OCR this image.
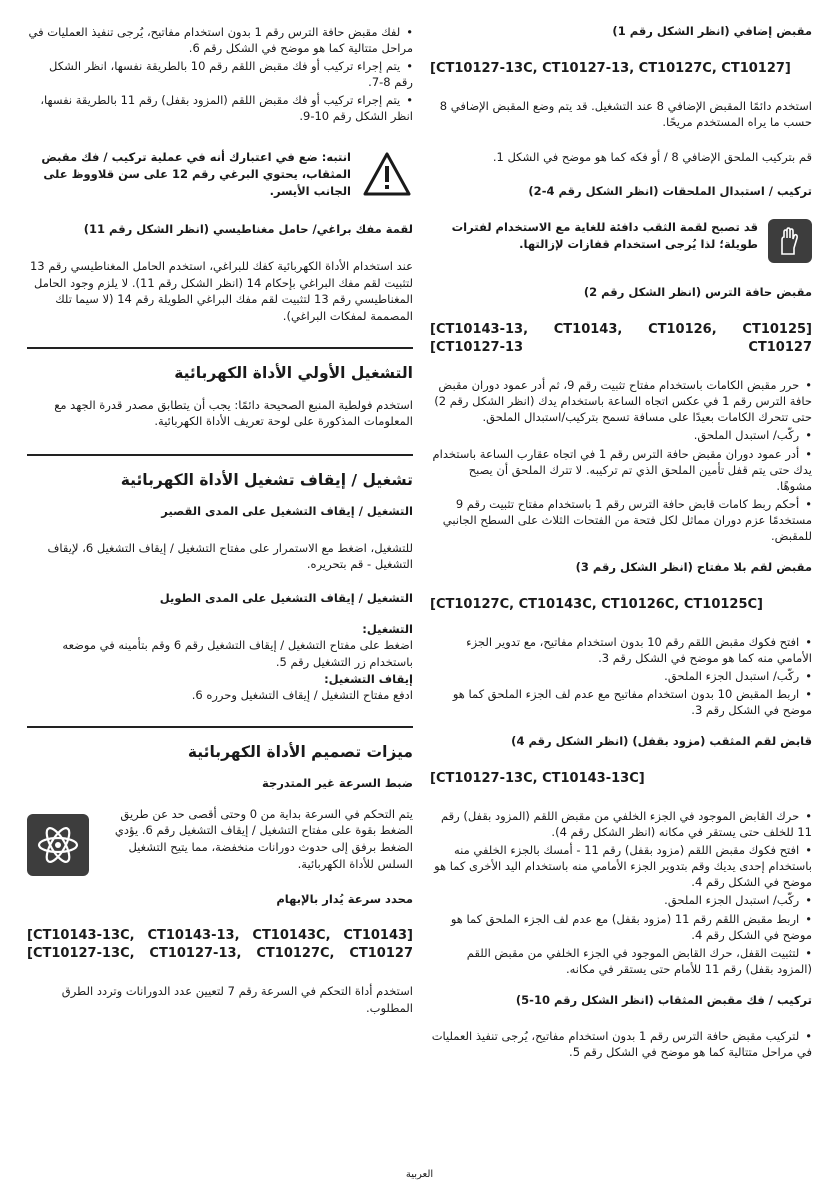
مقبض إضافي (انظر الشكل رقم 1)
[CT10127-13C, CT10127-13, CT10127C, CT10127]

استخدم دائمًا المقبض الإضافي 8 عند التشغيل. قد يتم وضع المقبض الإضافي 8 حسب ما يراه المستخدم مريحًا.

قم بتركيب الملحق الإضافي 8 / أو فكه كما هو موضح في الشكل 1.

تركيب / استبدال الملحقات (انظر الشكل رقم 4-2)
قد تصبح لقمة الثقب دافئة للغاية مع الاستخدام لفترات طويلة؛ لذا يُرجى استخدام قفازات لإزالتها.
مقبض حافة الترس (انظر الشكل رقم 2)
[CT10143-13, CT10143, CT10126, CT10125] [CT10127-13 CT10127
• حرر مقبض الكامات باستخدام مفتاح تثبيت رقم 9، ثم أدر عمود دوران مقبض حافة الترس رقم 1 في عكس اتجاه الساعة باستخدام يدك (انظر الشكل رقم 2) حتى تتحرك الكامات بعيدًا على مسافة تسمح بتركيب/استبدال الملحق.
• ركّب/ استبدل الملحق.
• أدر عمود دوران مقبض حافة الترس رقم 1 في اتجاه عقارب الساعة باستخدام يدك حتى يتم قفل تأمين الملحق الذي تم تركيبه. لا تترك الملحق أن يصبح مشوهًا.
• أحكم ربط كامات قابض حافة الترس رقم 1 باستخدام مفتاح تثبيت رقم 9 مستخدمًا عزم دوران مماثل لكل فتحة من الفتحات الثلاث على السطح الجانبي للمقبض.
مقبض لقم بلا مفتاح (انظر الشكل رقم 3)
[CT10127C, CT10143C, CT10126C, CT10125C]
• افتح فكوك مقبض اللقم رقم 10 بدون استخدام مفاتيح، مع تدوير الجزء الأمامي منه كما هو موضح في الشكل رقم 3.
• ركّب/ استبدل الجزء الملحق.
• اربط المقبض 10 بدون استخدام مفاتيح مع عدم لف الجزء الملحق كما هو موضح في الشكل رقم 3.
قابض لقم المثقب (مزود بقفل) (انظر الشكل رقم 4)
[CT10127-13C, CT10143-13C]
• حرك القابض الموجود في الجزء الخلفي من مقبض اللقم (المزود بقفل) رقم 11 للخلف حتى يستقر في مكانه (انظر الشكل رقم 4).
• افتح فكوك مقبض اللقم (مزود بقفل) رقم 11 - أمسك بالجزء الخلفي منه باستخدام إحدى يديك وقم بتدوير الجزء الأمامي منه باستخدام اليد الأخرى كما هو موضح في الشكل رقم 4.
• ركّب/ استبدل الجزء الملحق.
• اربط مقبض اللقم رقم 11 (مزود بقفل) مع عدم لف الجزء الملحق كما هو موضح في الشكل رقم 4.
• لتثبيت القفل، حرك القابض الموجود في الجزء الخلفي من مقبض اللقم (المزود بقفل) رقم 11 للأمام حتى يستقر في مكانه.
تركيب / فك مقبض المثقاب (انظر الشكل رقم 10-5)
• لتركيب مقبض حافة الترس رقم 1 بدون استخدام مفاتيح، يُرجى تنفيذ العمليات في مراحل متتالية كما هو موضح في الشكل رقم 5.
• لفك مقبض حافة الترس رقم 1 بدون استخدام مفاتيح، يُرجى تنفيذ العمليات في مراحل متتالية كما هو موضح في الشكل رقم 6.
• يتم إجراء تركيب أو فك مقبض اللقم رقم 10 بالطريقة نفسها، انظر الشكل رقم 8-7.
• يتم إجراء تركيب أو فك مقبض اللقم (المزود بقفل) رقم 11 بالطريقة نفسها، انظر الشكل رقم 10-9.
انتبه: ضع في اعتبارك أنه في عملية تركيب / فك مقبض المثقاب، يحتوي البرغي رقم 12 على سن قلاووظ على الجانب الأيسر.
لقمة مفك براغي/ حامل مغناطيسي (انظر الشكل رقم 11)

عند استخدام الأداة الكهربائية كفك للبراغي، استخدم الحامل المغناطيسي رقم 13 لتثبيت لقم مفك البراغي بإحكام 14 (انظر الشكل رقم 11). لا يلزم وجود الحامل المغناطيسي رقم 13 لتثبيت لقم مفك البراغي الطويلة رقم 14 (لا سيما تلك المصممة لمفكات البراغي).

التشغيل الأولي الأداة الكهربائية

استخدم فولطية المنبع الصحيحة دائمًا: يجب أن يتطابق مصدر قدرة الجهد مع المعلومات المذكورة على لوحة تعريف الأداة الكهربائية.

تشغيل / إيقاف تشغيل الأداة الكهربائية
التشغيل / إيقاف التشغيل على المدى القصير

للتشغيل، اضغط مع الاستمرار على مفتاح التشغيل / إيقاف التشغيل 6، لإيقاف التشغيل - قم بتحريره.

التشغيل / إيقاف التشغيل على المدى الطويل
التشغيل:
اضغط على مفتاح التشغيل / إيقاف التشغيل رقم 6 وقم بتأمينه في موضعه باستخدام زر التشغيل رقم 5.
إيقاف التشغيل:
ادفع مفتاح التشغيل / إيقاف التشغيل وحرره 6.
ميزات تصميم الأداة الكهربائية
ضبط السرعة غير المتدرجة

يتم التحكم في السرعة بداية من 0 وحتى أقصى حد عن طريق الضغط بقوة على مفتاح التشغيل / إيقاف التشغيل رقم 6. يؤدي الضغط برفق إلى حدوث دورانات منخفضة، مما يتيح التشغيل السلس للأداة الكهربائية.

محدد سرعة يُدار بالإبهام
[CT10143-13C, CT10143-13, CT10143C, CT10143] [CT10127-13C, CT10127-13, CT10127C, CT10127

استخدم أداة التحكم في السرعة رقم 7 لتعيين عدد الدورانات وتردد الطرق المطلوب.

العربية
